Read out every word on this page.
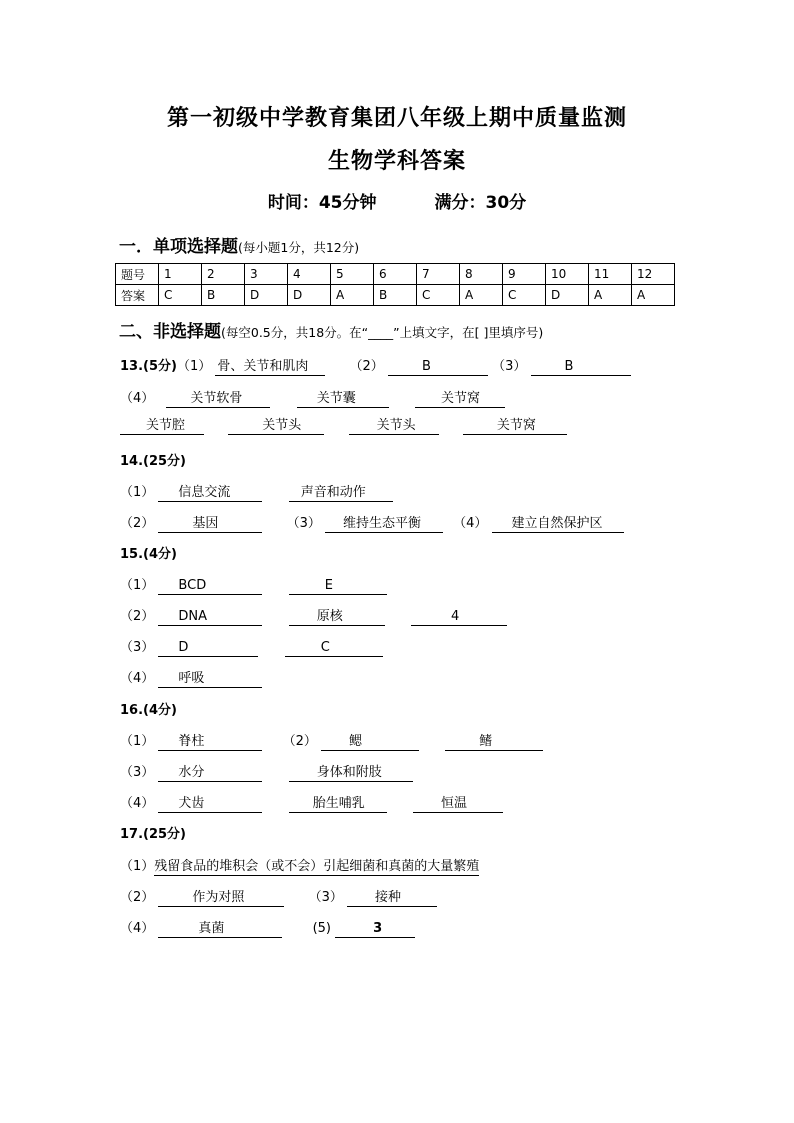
第一初级中学教育集团八年级上期中质量监测
生物学科答案
时间：45分钟	满分：30分
一．单项选择题(每小题1分，共12分)
题号	1	2	3	4	5	6	7	8	9	10	11	12
答案	C	B	D	D	A	B	C	A	C	D	A	A
二、非选择题(每空0.5分，共18分。在“____”上填文字，在[ ]里填序号)
13.(5分)（1） 骨、关节和肌肉	（2）	B	（3）	B
（4）	关节软骨	关节囊	关节窝
关节腔	关节头	关节头	关节窝
14.(25分)
（1） 信息交流	声音和动作
（2）	基因	（3） 维持生态平衡 （4） 建立自然保护区
15.(4分)
（1） BCD	E
（2） DNA	原核	4
（3） D	C
（4） 呼吸
16.(4分)
（1） 脊柱	（2） 鳃	鳍
（3） 水分	身体和附肢
（4） 犬齿	胎生哺乳	恒温
17.(25分)
（1）残留食品的堆积会（或不会）引起细菌和真菌的大量繁殖
（2）	作为对照	（3） 接种
（4）	真菌	(5)	3
